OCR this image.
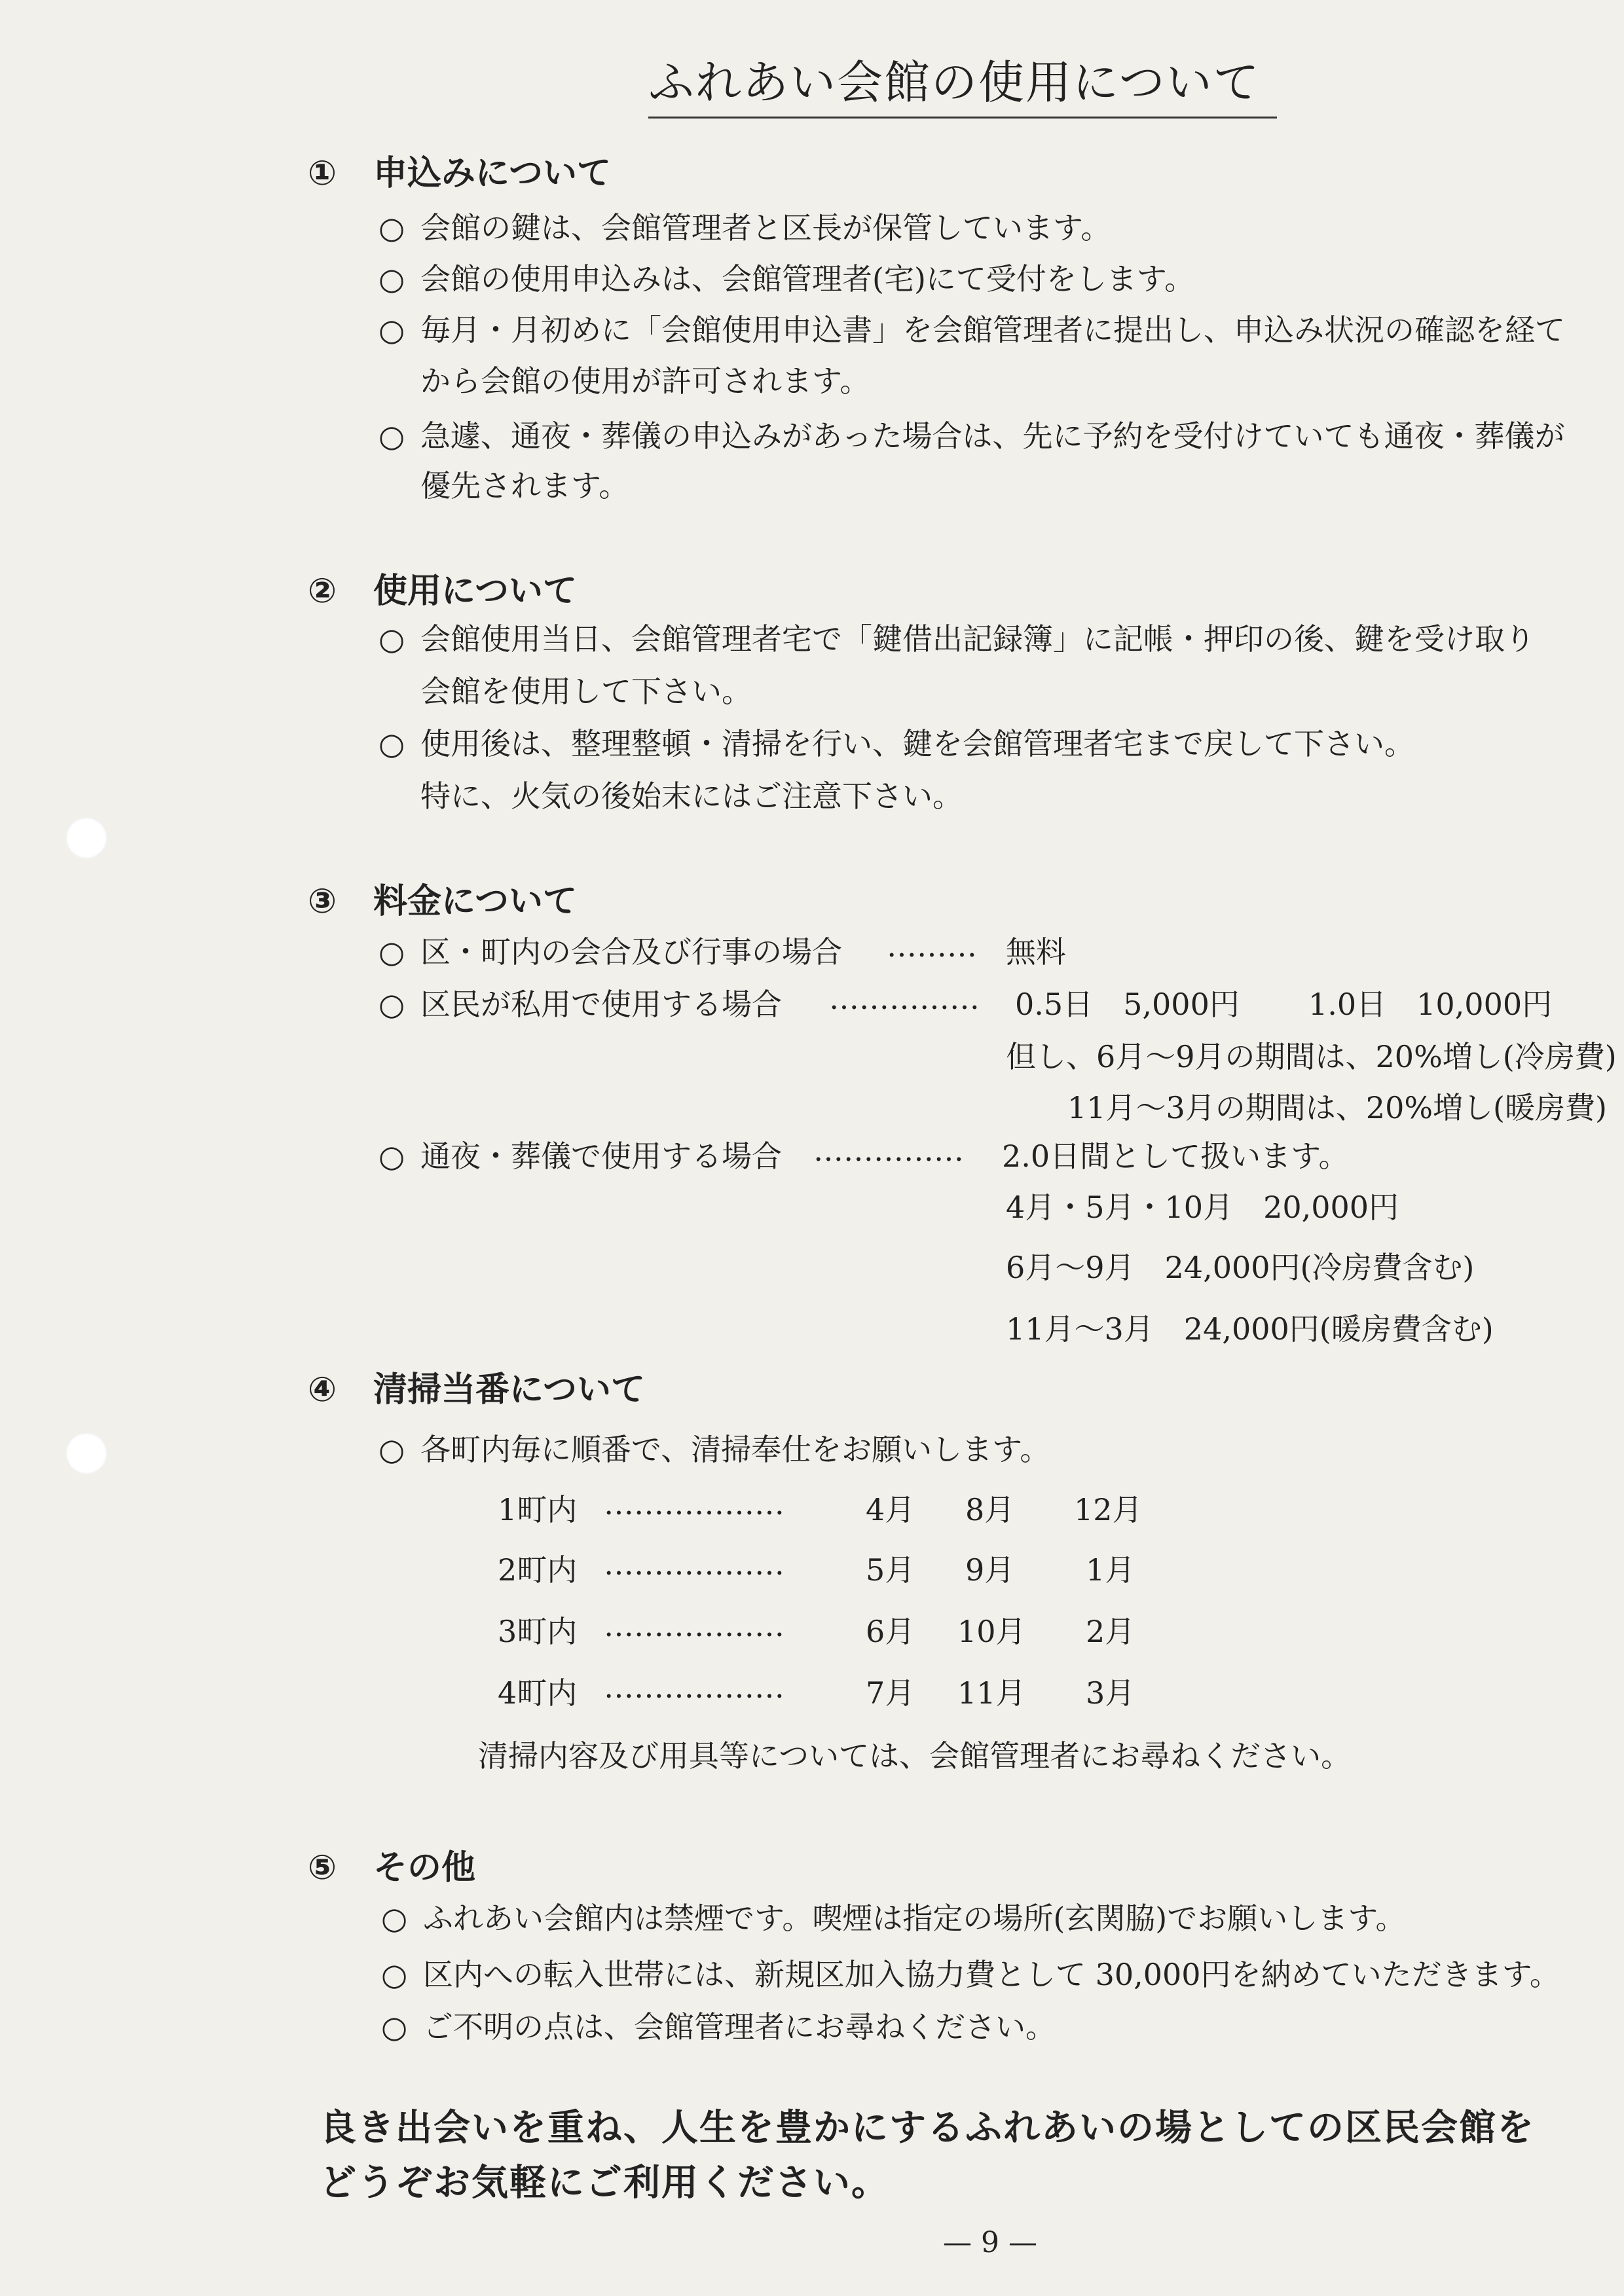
ふれあい会館の使用について
① 申込みについて
○ 会館の鍵は、会館管理者と区長が保管しています。
○ 会館の使用申込みは、会館管理者(宅)にて受付をします。
○ 毎月・月初めに「会館使用申込書」を会館管理者に提出し、申込み状況の確認を経て
から会館の使用が許可されます。
○ 急遽、通夜・葬儀の申込みがあった場合は、先に予約を受付けていても通夜・葬儀が
優先されます。
② 使用について
○ 会館使用当日、会館管理者宅で「鍵借出記録簿」に記帳・押印の後、鍵を受け取り
会館を使用して下さい。
○ 使用後は、整理整頓・清掃を行い、鍵を会館管理者宅まで戻して下さい。
特に、火気の後始末にはご注意下さい。
③ 料金について
○ 区・町内の会合及び行事の場合 ……… 無料
○ 区民が私用で使用する場合 …………… 0.5日　5,000円 1.0日　10,000円
但し、6月～9月の期間は、20%増し(冷房費)
11月～3月の期間は、20%増し(暖房費)
○ 通夜・葬儀で使用する場合 …………… 2.0日間として扱います。
4月・5月・10月　20,000円
6月～9月　24,000円(冷房費含む)
11月～3月　24,000円(暖房費含む)
④ 清掃当番について
○ 各町内毎に順番で、清掃奉仕をお願いします。
1町内 ………………	4月 8月 12月
2町内 ………………	5月 9月 1月
3町内 ………………	6月 10月 2月
4町内 ………………	7月 11月 3月
清掃内容及び用具等については、会館管理者にお尋ねください。
⑤ その他
○ ふれあい会館内は禁煙です。喫煙は指定の場所(玄関脇)でお願いします。
○ 区内への転入世帯には、新規区加入協力費として 30,000円を納めていただきます。
○ ご不明の点は、会館管理者にお尋ねください。
良き出会いを重ね、人生を豊かにするふれあいの場としての区民会館を
どうぞお気軽にご利用ください。
— 9 —
